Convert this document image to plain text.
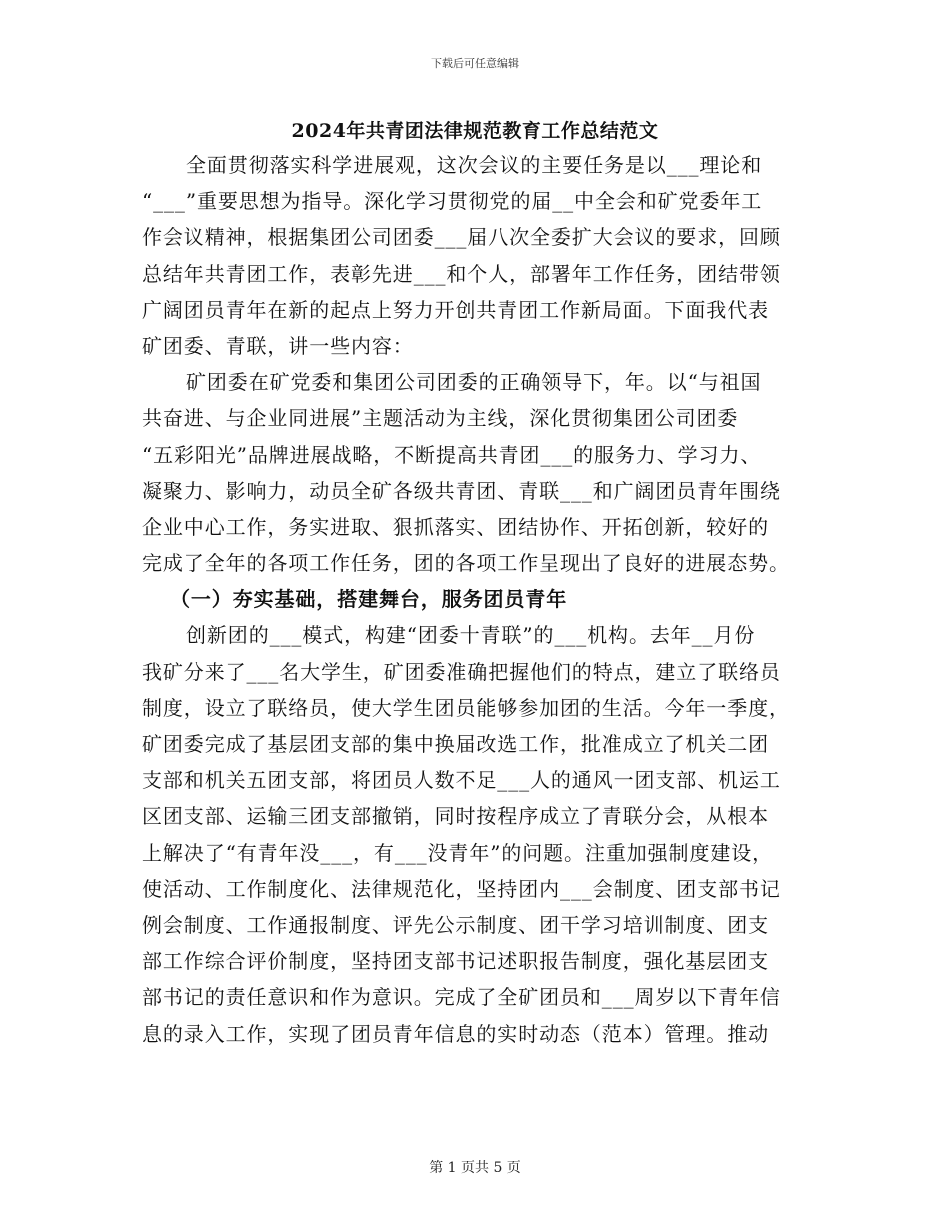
下载后可任意编辑
2024年共青团法律规范教育工作总结范文
全面贯彻落实科学进展观，这次会议的主要任务是以___理论和
“___”重要思想为指导。深化学习贯彻党的届__中全会和矿党委年工
作会议精神，根据集团公司团委___届八次全委扩大会议的要求，回顾
总结年共青团工作，表彰先进___和个人，部署年工作任务，团结带领
广阔团员青年在新的起点上努力开创共青团工作新局面。下面我代表
矿团委、青联，讲一些内容：
矿团委在矿党委和集团公司团委的正确领导下，年。以“与祖国
共奋进、与企业同进展”主题活动为主线，深化贯彻集团公司团委
“五彩阳光”品牌进展战略，不断提高共青团___的服务力、学习力、
凝聚力、影响力，动员全矿各级共青团、青联___和广阔团员青年围绕
企业中心工作，务实进取、狠抓落实、团结协作、开拓创新，较好的
完成了全年的各项工作任务，团的各项工作呈现出了良好的进展态势。
（一）夯实基础，搭建舞台，服务团员青年
创新团的___模式，构建“团委十青联”的___机构。去年__月份
我矿分来了___名大学生，矿团委准确把握他们的特点，建立了联络员
制度，设立了联络员，使大学生团员能够参加团的生活。今年一季度，
矿团委完成了基层团支部的集中换届改选工作，批准成立了机关二团
支部和机关五团支部，将团员人数不足___人的通风一团支部、机运工
区团支部、运输三团支部撤销，同时按程序成立了青联分会，从根本
上解决了“有青年没___，有___没青年”的问题。注重加强制度建设，
使活动、工作制度化、法律规范化，坚持团内___会制度、团支部书记
例会制度、工作通报制度、评先公示制度、团干学习培训制度、团支
部工作综合评价制度，坚持团支部书记述职报告制度，强化基层团支
部书记的责任意识和作为意识。完成了全矿团员和___周岁以下青年信
息的录入工作，实现了团员青年信息的实时动态（范本）管理。推动
第 1 页共 5 页
